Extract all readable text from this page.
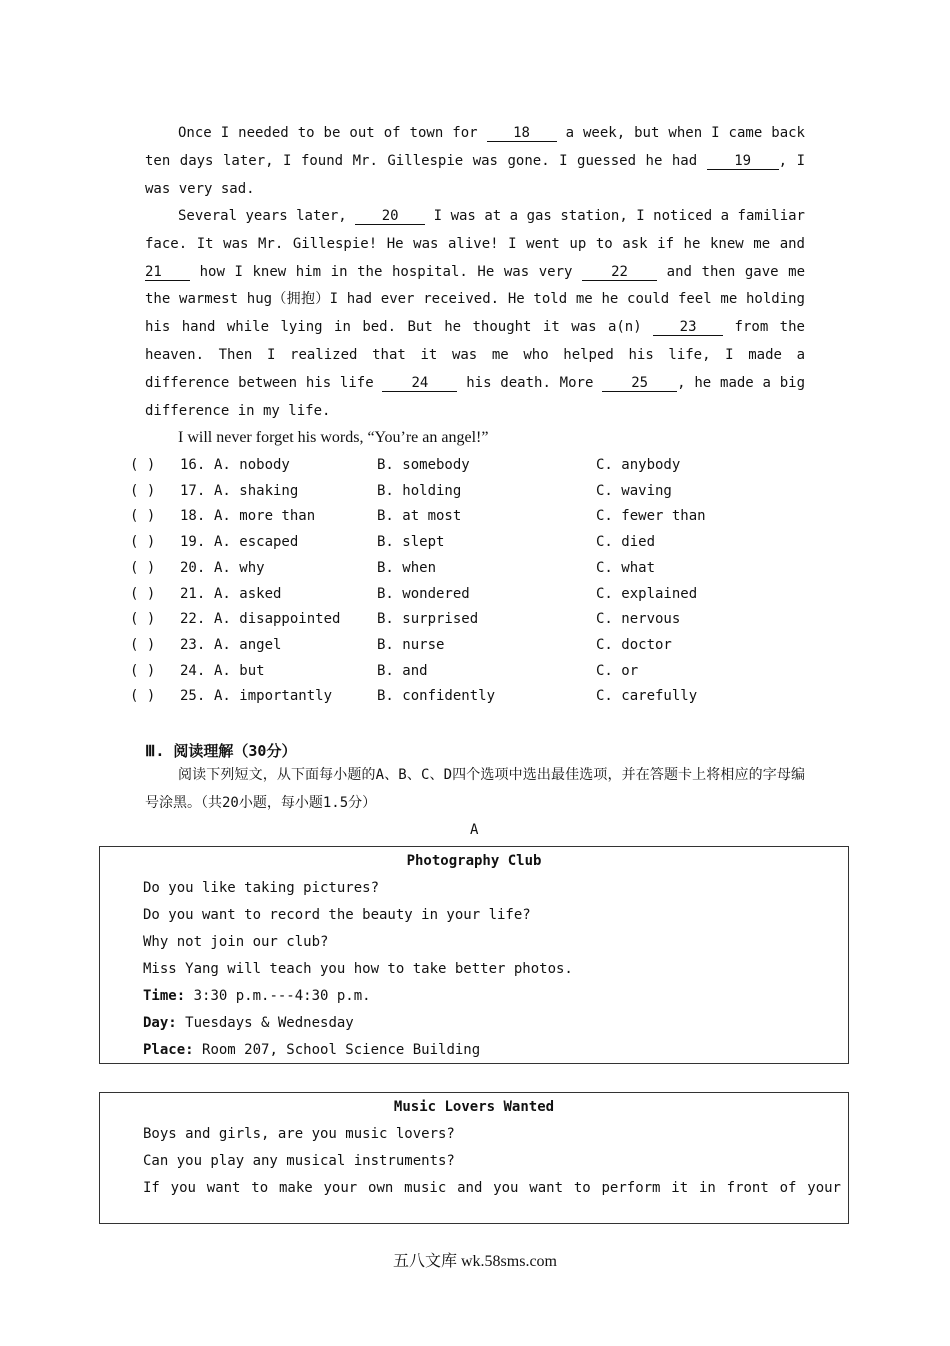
Once I needed to be out of town for	18	a week, but when I came back ten days later, I found Mr. Gillespie was gone. I guessed he had	19 , I was very sad.
Several years later,	20	I was at a gas station, I noticed a familiar face. It was Mr. Gillespie! He was alive! I went up to ask if he knew me and 21	how I knew him in the hospital. He was very	22	and then gave me the warmest hug（拥抱）I had ever received. He told me he could feel me holding his hand while lying in bed. But he thought it was a(n)	23	from the heaven. Then I realized that it was me who helped his life, I made a difference between his life	24	his death. More	25 , he made a big difference in my life.
I will never forget his words, “You’re an angel!”
( ) 16. A. nobody	B. somebody	C. anybody
( ) 17. A. shaking	B. holding	C. waving
( ) 18. A. more than	B. at most	C. fewer than
( ) 19. A. escaped	B. slept	C. died
( ) 20. A. why	B. when	C. what
( ) 21. A. asked	B. wondered	C. explained
( ) 22. A. disappointed	B. surprised	C. nervous
( ) 23. A. angel	B. nurse	C. doctor
( ) 24. A. but	B. and	C. or
( ) 25. A. importantly	B. confidently	C. carefully
Ⅲ. 阅读理解（30分）
阅读下列短文，从下面每小题的A、B、C、D四个选项中选出最佳选项，并在答题卡上将相应的字母编号涂黑。（共20小题，每小题1.5分）
A
Photography Club
Do you like taking pictures?
Do you want to record the beauty in your life?
Why not join our club?
Miss Yang will teach you how to take better photos.
Time: 3:30 p.m.---4:30 p.m.
Day: Tuesdays & Wednesday
Place: Room 207, School Science Building
Music Lovers Wanted
Boys and girls, are you music lovers?
Can you play any musical instruments?
If you want to make your own music and you want to perform it in front of your
五八文库 wk.58sms.com
